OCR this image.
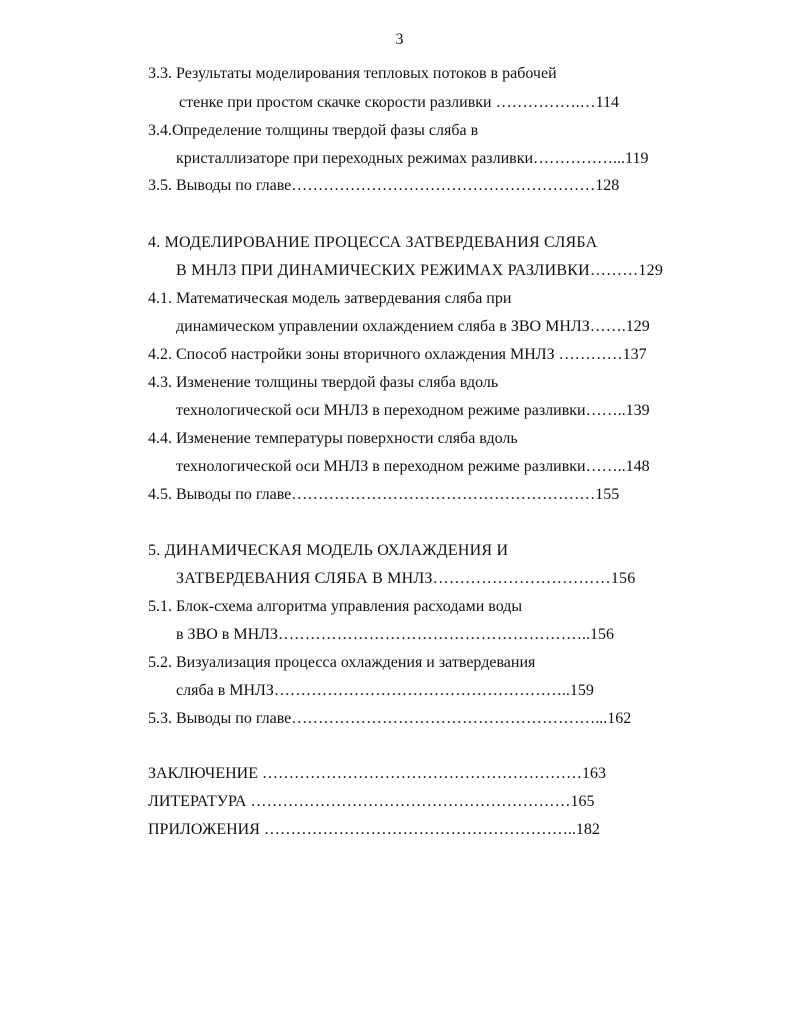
3
3.3. Результаты моделирования тепловых потоков в рабочей
стенке при простом скачке скорости разливки …………….…114
3.4.Определение толщины твердой фазы сляба в
кристаллизаторе при переходных режимах разливки……………...119
3.5. Выводы по главе…………………………………………………128
4. МОДЕЛИРОВАНИЕ ПРОЦЕССА ЗАТВЕРДЕВАНИЯ СЛЯБА
В МНЛЗ ПРИ ДИНАМИЧЕСКИХ РЕЖИМАХ РАЗЛИВКИ………129
4.1. Математическая модель затвердевания сляба при
динамическом управлении охлаждением сляба в ЗВО МНЛЗ…….129
4.2. Способ настройки зоны вторичного охлаждения МНЛЗ …………137
4.3. Изменение толщины твердой фазы сляба вдоль
технологической оси МНЛЗ в переходном режиме разливки……..139
4.4. Изменение температуры поверхности сляба вдоль
технологической оси МНЛЗ в переходном режиме разливки……..148
4.5. Выводы по главе…………………………………………………155
5. ДИНАМИЧЕСКАЯ МОДЕЛЬ ОХЛАЖДЕНИЯ И
ЗАТВЕРДЕВАНИЯ СЛЯБА В МНЛЗ……………………………156
5.1. Блок-схема алгоритма управления расходами воды
в ЗВО в МНЛЗ…………………………………………………..156
5.2. Визуализация процесса охлаждения и затвердевания
сляба в МНЛЗ………………………………………………..159
5.3. Выводы по главе…………………………………………………...162
ЗАКЛЮЧЕНИЕ ……………………………………………………163
ЛИТЕРАТУРА ……………………………………………………165
ПРИЛОЖЕНИЯ …………………………………………………..182
